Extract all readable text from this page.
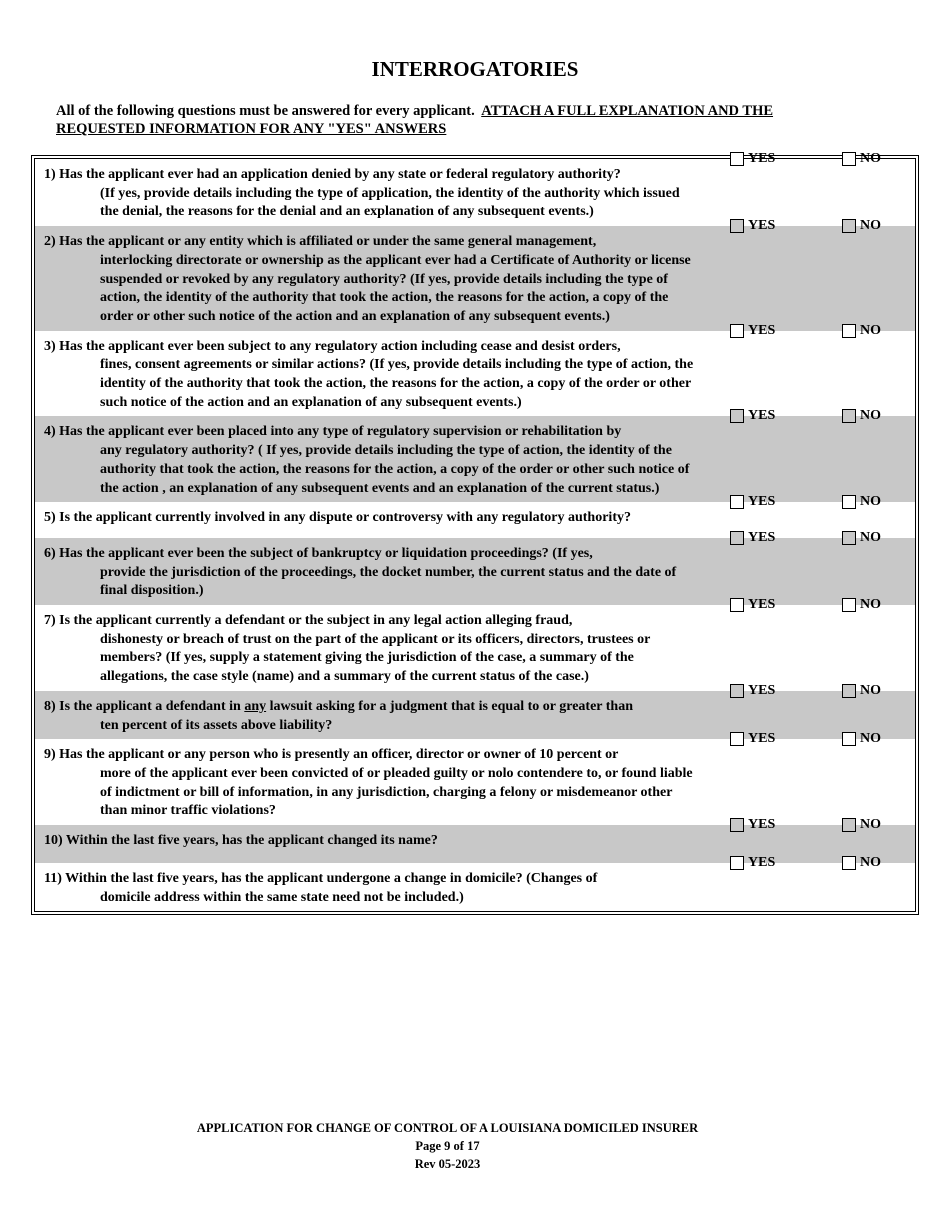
INTERROGATORIES
All of the following questions must be answered for every applicant. ATTACH A FULL EXPLANATION AND THE REQUESTED INFORMATION FOR ANY "YES" ANSWERS
1) Has the applicant ever had an application denied by any state or federal regulatory authority?
(If yes, provide details including the type of application, the identity of the authority which issued the denial, the reasons for the denial and an explanation of any subsequent events.)
YES	NO
2) Has the applicant or any entity which is affiliated or under the same general management,
interlocking directorate or ownership as the applicant ever had a Certificate of Authority or license suspended or revoked by any regulatory authority? (If yes, provide details including the type of action, the identity of the authority that took the action, the reasons for the action, a copy of the order or other such notice of the action and an explanation of any subsequent events.)
YES	NO
3) Has the applicant ever been subject to any regulatory action including cease and desist orders,
fines, consent agreements or similar actions? (If yes, provide details including the type of action, the identity of the authority that took the action, the reasons for the action, a copy of the order or other such notice of the action and an explanation of any subsequent events.)
YES	NO
4) Has the applicant ever been placed into any type of regulatory supervision or rehabilitation by
any regulatory authority? ( If yes, provide details including the type of action, the identity of the authority that took the action, the reasons for the action, a copy of the order or other such notice of the action , an explanation of any subsequent events and an explanation of the current status.)
YES	NO
5) Is the applicant currently involved in any dispute or controversy with any regulatory authority?
YES	NO
6) Has the applicant ever been the subject of bankruptcy or liquidation proceedings? (If yes,
provide the jurisdiction of the proceedings, the docket number, the current status and the date of final disposition.)
YES	NO
7) Is the applicant currently a defendant or the subject in any legal action alleging fraud,
dishonesty or breach of trust on the part of the applicant or its officers, directors, trustees or members? (If yes, supply a statement giving the jurisdiction of the case, a summary of the allegations, the case style (name) and a summary of the current status of the case.)
YES	NO
8) Is the applicant a defendant in any lawsuit asking for a judgment that is equal to or greater than
ten percent of its assets above liability?
YES	NO
9) Has the applicant or any person who is presently an officer, director or owner of 10 percent or
more of the applicant ever been convicted of or pleaded guilty or nolo contendere to, or found liable of indictment or bill of information, in any jurisdiction, charging a felony or misdemeanor other than minor traffic violations?
YES	NO
10) Within the last five years, has the applicant changed its name?
YES	NO
11) Within the last five years, has the applicant undergone a change in domicile? (Changes of
domicile address within the same state need not be included.)
YES	NO
APPLICATION FOR CHANGE OF CONTROL OF A LOUISIANA DOMICILED INSURER
Page 9 of 17
Rev 05-2023
